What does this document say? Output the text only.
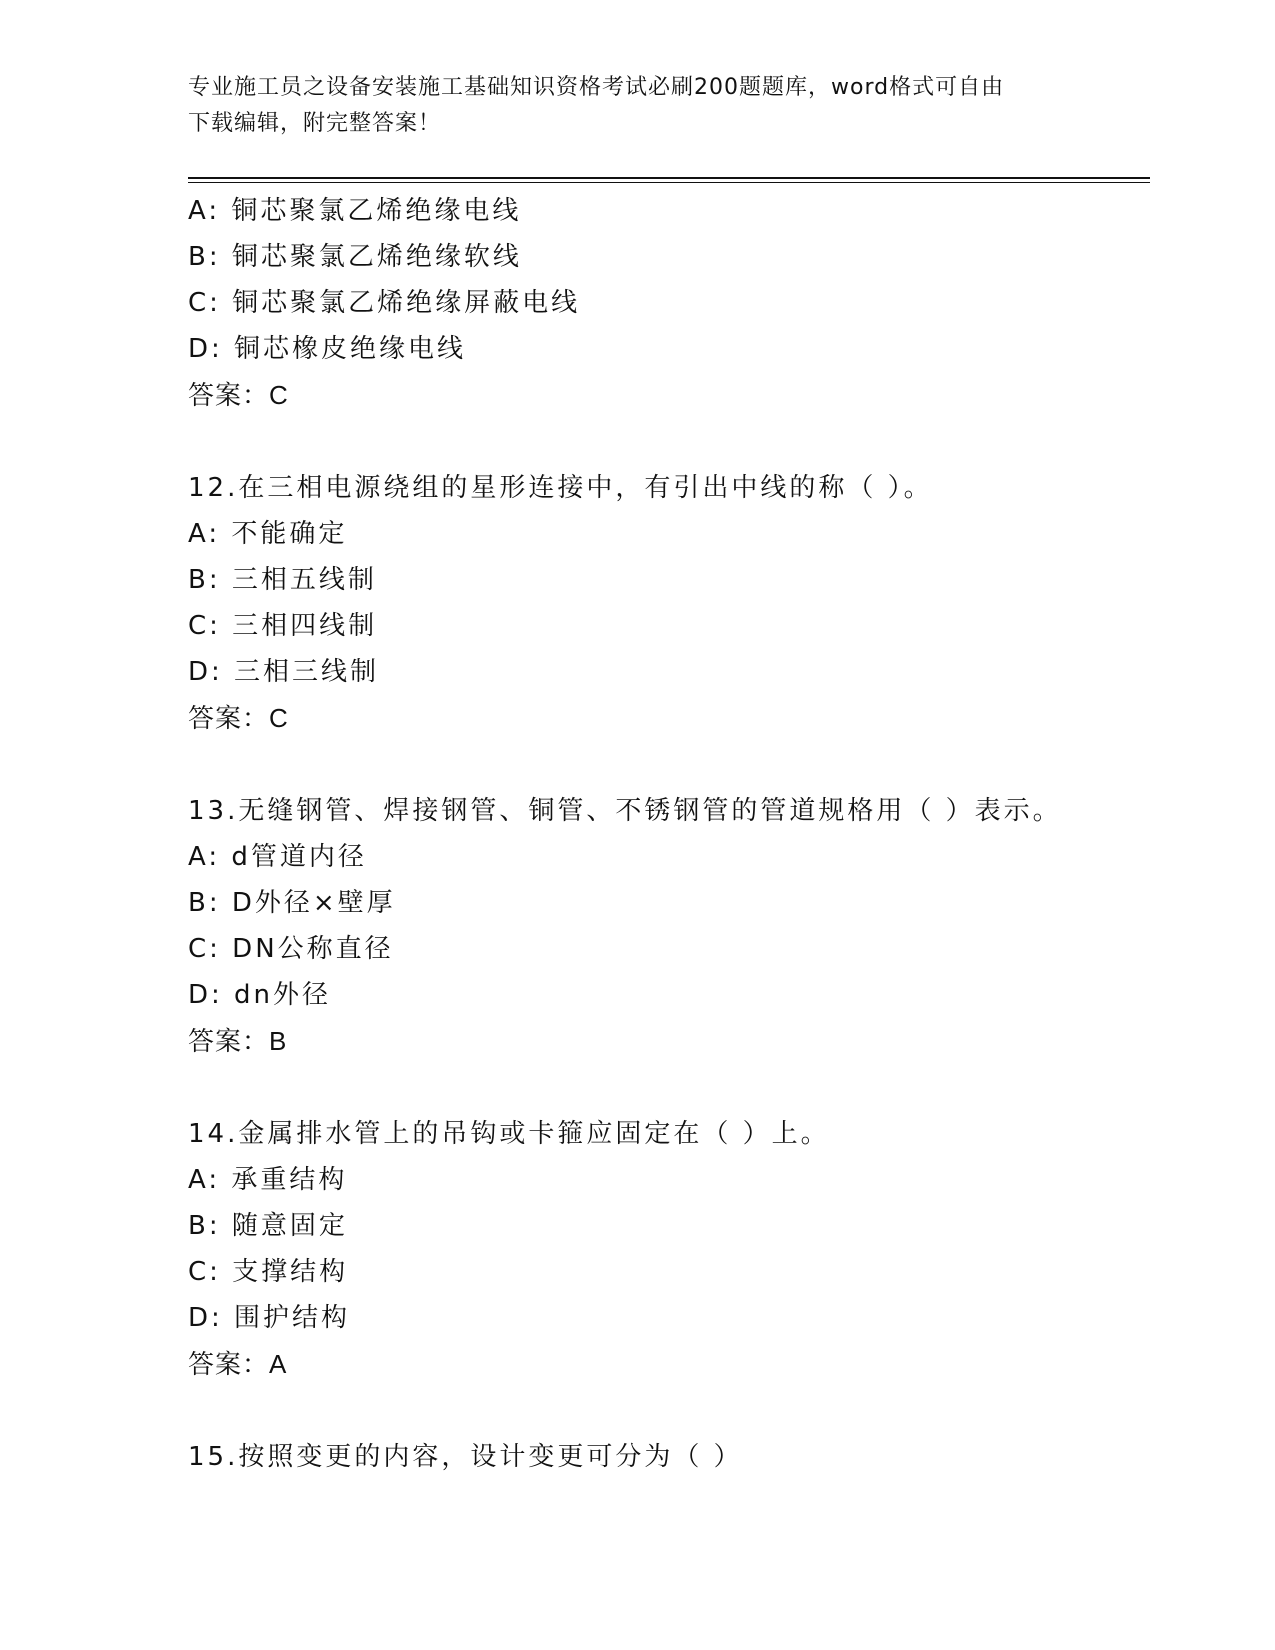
专业施工员之设备安装施工基础知识资格考试必刷200题题库，word格式可自由
下载编辑，附完整答案！

A: 铜芯聚氯乙烯绝缘电线

B: 铜芯聚氯乙烯绝缘软线

C: 铜芯聚氯乙烯绝缘屏蔽电线

D: 铜芯橡皮绝缘电线

答案：C

12.在三相电源绕组的星形连接中，有引出中线的称（ ）。

A: 不能确定

B: 三相五线制

C: 三相四线制

D: 三相三线制

答案：C

13.无缝钢管、焊接钢管、铜管、不锈钢管的管道规格用（ ）表示。

A: d管道内径

B: D外径×壁厚

C: DN公称直径

D: dn外径

答案：B

14.金属排水管上的吊钩或卡箍应固定在（ ）上。

A: 承重结构

B: 随意固定

C: 支撑结构

D: 围护结构

答案：A

15.按照变更的内容，设计变更可分为（ ）
